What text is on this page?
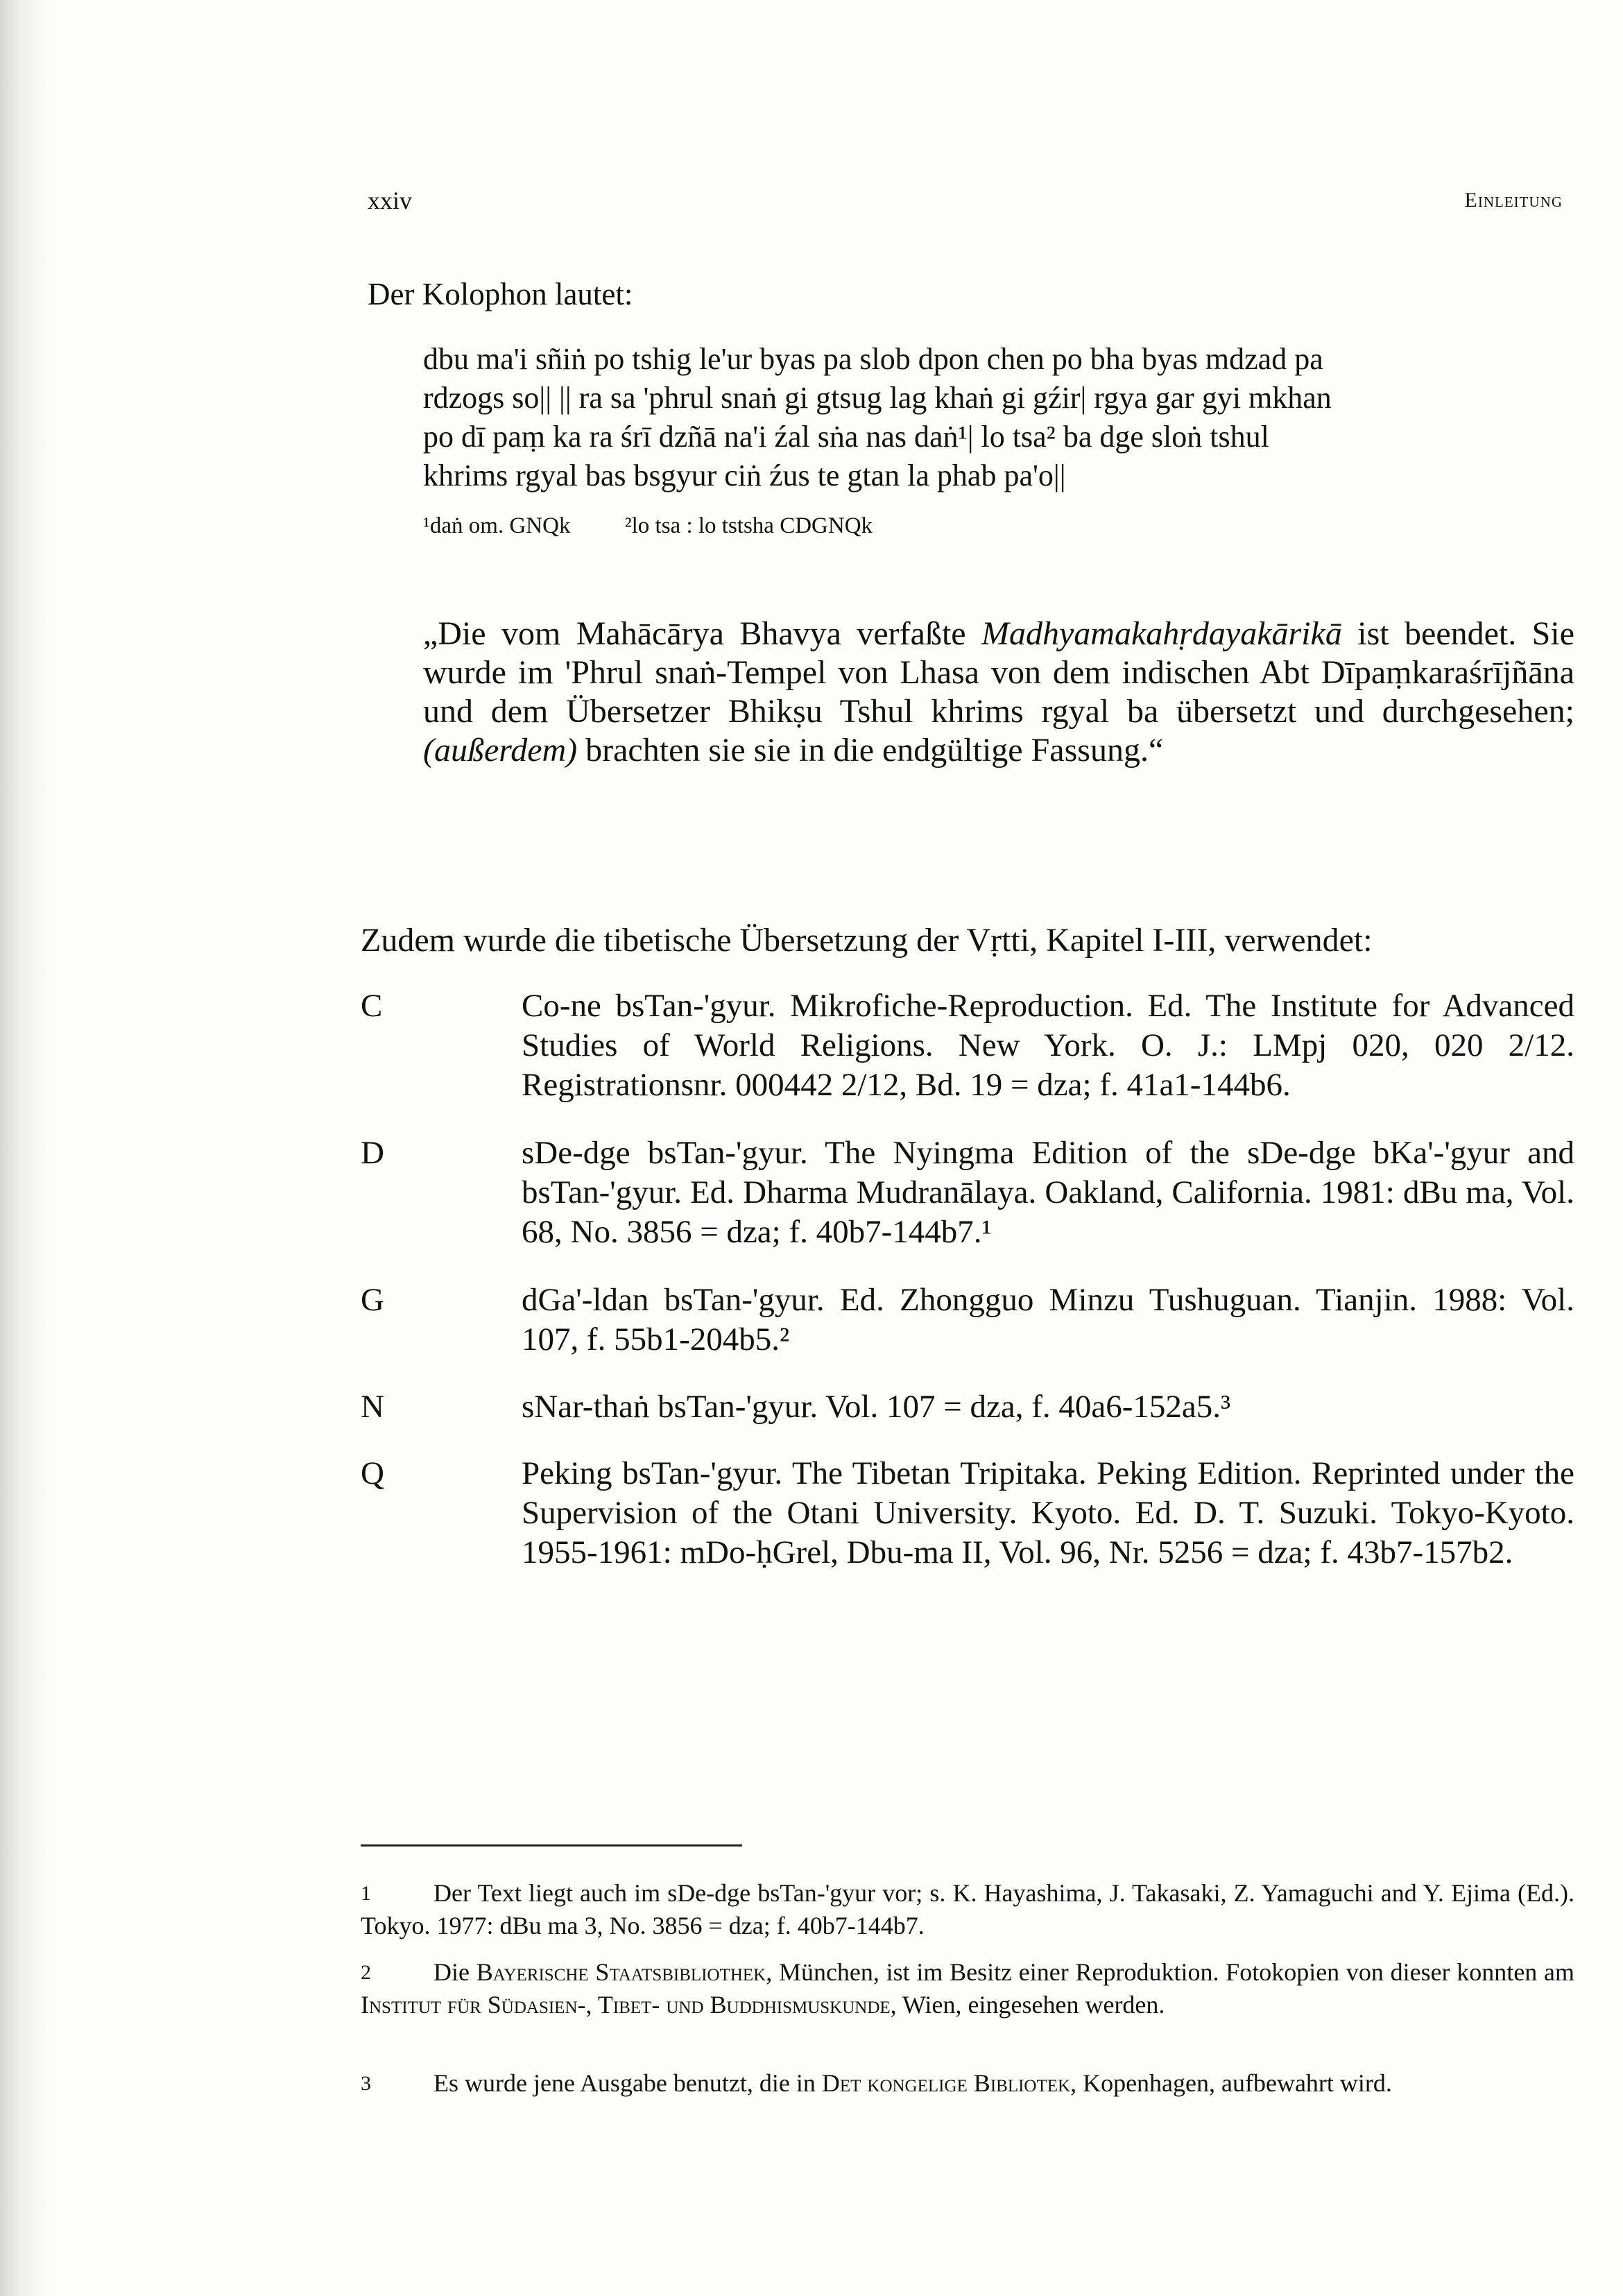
xxiv	Einleitung
Der Kolophon lautet:
dbu ma'i sñiṅ po tshig le'ur byas pa slob dpon chen po bha byas mdzad pa
rdzogs so|| || ra sa 'phrul snaṅ gi gtsug lag khaṅ gi gźir| rgya gar gyi mkhan
po dī paṃ ka ra śrī dzñā na'i źal sṅa nas daṅ¹| lo tsa² ba dge sloṅ tshul
khrims rgyal bas bsgyur ciṅ źus te gtan la phab pa'o||
¹daṅ om. GNQk ²lo tsa : lo tstsha CDGNQk
„Die vom Mahācārya Bhavya verfaßte Madhyamakahṛdayakārikā ist beendet. Sie wurde im 'Phrul snaṅ-Tempel von Lhasa von dem indischen Abt Dīpaṃkaraśrījñāna und dem Übersetzer Bhikṣu Tshul khrims rgyal ba übersetzt und durchgesehen; (außerdem) brachten sie sie in die endgültige Fassung.“
Zudem wurde die tibetische Übersetzung der Vṛtti, Kapitel I-III, verwendet:
C	Co-ne bsTan-'gyur. Mikrofiche-Reproduction. Ed. The Institute for Advanced Studies of World Religions. New York. O. J.: LMpj 020, 020 2/12. Registrationsnr. 000442 2/12, Bd. 19 = dza; f. 41a1-144b6.
D	sDe-dge bsTan-'gyur. The Nyingma Edition of the sDe-dge bKa'-'gyur and bsTan-'gyur. Ed. Dharma Mudranālaya. Oakland, California. 1981: dBu ma, Vol. 68, No. 3856 = dza; f. 40b7-144b7.¹
G	dGa'-ldan bsTan-'gyur. Ed. Zhongguo Minzu Tushuguan. Tianjin. 1988: Vol. 107, f. 55b1-204b5.²
N	sNar-thaṅ bsTan-'gyur. Vol. 107 = dza, f. 40a6-152a5.³
Q	Peking bsTan-'gyur. The Tibetan Tripitaka. Peking Edition. Reprinted under the Supervision of the Otani University. Kyoto. Ed. D. T. Suzuki. Tokyo-Kyoto. 1955-1961: mDo-ḥGrel, Dbu-ma II, Vol. 96, Nr. 5256 = dza; f. 43b7-157b2.
1	Der Text liegt auch im sDe-dge bsTan-'gyur vor; s. K. Hayashima, J. Takasaki, Z. Yamaguchi and Y. Ejima (Ed.). Tokyo. 1977: dBu ma 3, No. 3856 = dza; f. 40b7-144b7.
2	Die Bayerische Staatsbibliothek, München, ist im Besitz einer Reproduktion. Fotokopien von dieser konnten am Institut für Südasien-, Tibet- und Buddhismuskunde, Wien, eingesehen werden.
3	Es wurde jene Ausgabe benutzt, die in Det kongelige Bibliotek, Kopenhagen, aufbewahrt wird.
